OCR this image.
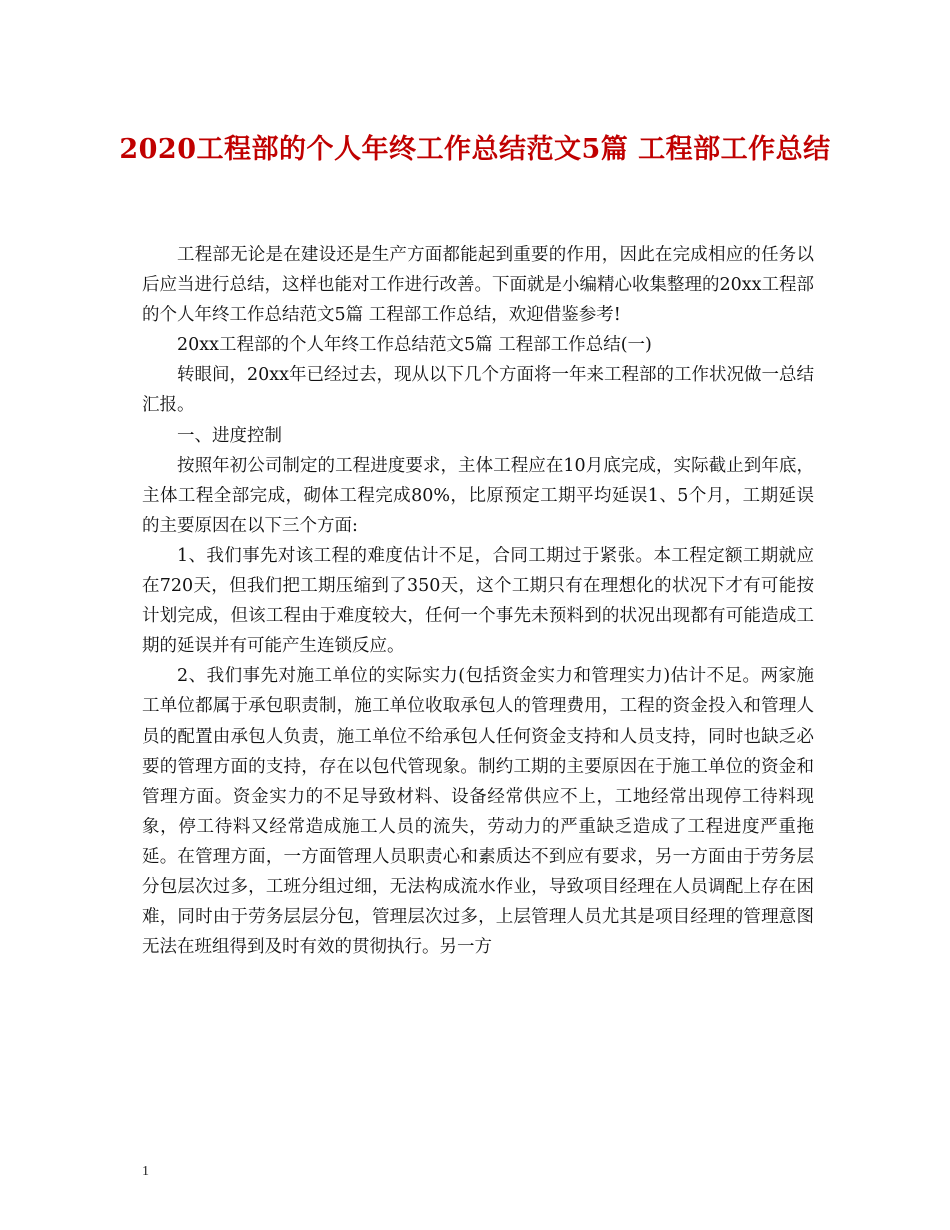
2020工程部的个人年终工作总结范文5篇 工程部工作总结

工程部无论是在建设还是生产方面都能起到重要的作用，因此在完成相应的任务以后应当进行总结，这样也能对工作进行改善。下面就是小编精心收集整理的20xx工程部的个人年终工作总结范文5篇 工程部工作总结，欢迎借鉴参考!

20xx工程部的个人年终工作总结范文5篇 工程部工作总结(一)

转眼间，20xx年已经过去，现从以下几个方面将一年来工程部的工作状况做一总结汇报。

一、进度控制

按照年初公司制定的工程进度要求，主体工程应在10月底完成，实际截止到年底，主体工程全部完成，砌体工程完成80%，比原预定工期平均延误1、5个月，工期延误的主要原因在以下三个方面:

1、我们事先对该工程的难度估计不足，合同工期过于紧张。本工程定额工期就应在720天，但我们把工期压缩到了350天，这个工期只有在理想化的状况下才有可能按计划完成，但该工程由于难度较大，任何一个事先未预料到的状况出现都有可能造成工期的延误并有可能产生连锁反应。

2、我们事先对施工单位的实际实力(包括资金实力和管理实力)估计不足。两家施工单位都属于承包职责制，施工单位收取承包人的管理费用，工程的资金投入和管理人员的配置由承包人负责，施工单位不给承包人任何资金支持和人员支持，同时也缺乏必要的管理方面的支持，存在以包代管现象。制约工期的主要原因在于施工单位的资金和管理方面。资金实力的不足导致材料、设备经常供应不上，工地经常出现停工待料现象，停工待料又经常造成施工人员的流失，劳动力的严重缺乏造成了工程进度严重拖延。在管理方面，一方面管理人员职责心和素质达不到应有要求，另一方面由于劳务层分包层次过多，工班分组过细，无法构成流水作业，导致项目经理在人员调配上存在困难，同时由于劳务层层分包，管理层次过多，上层管理人员尤其是项目经理的管理意图无法在班组得到及时有效的贯彻执行。另一方

1
